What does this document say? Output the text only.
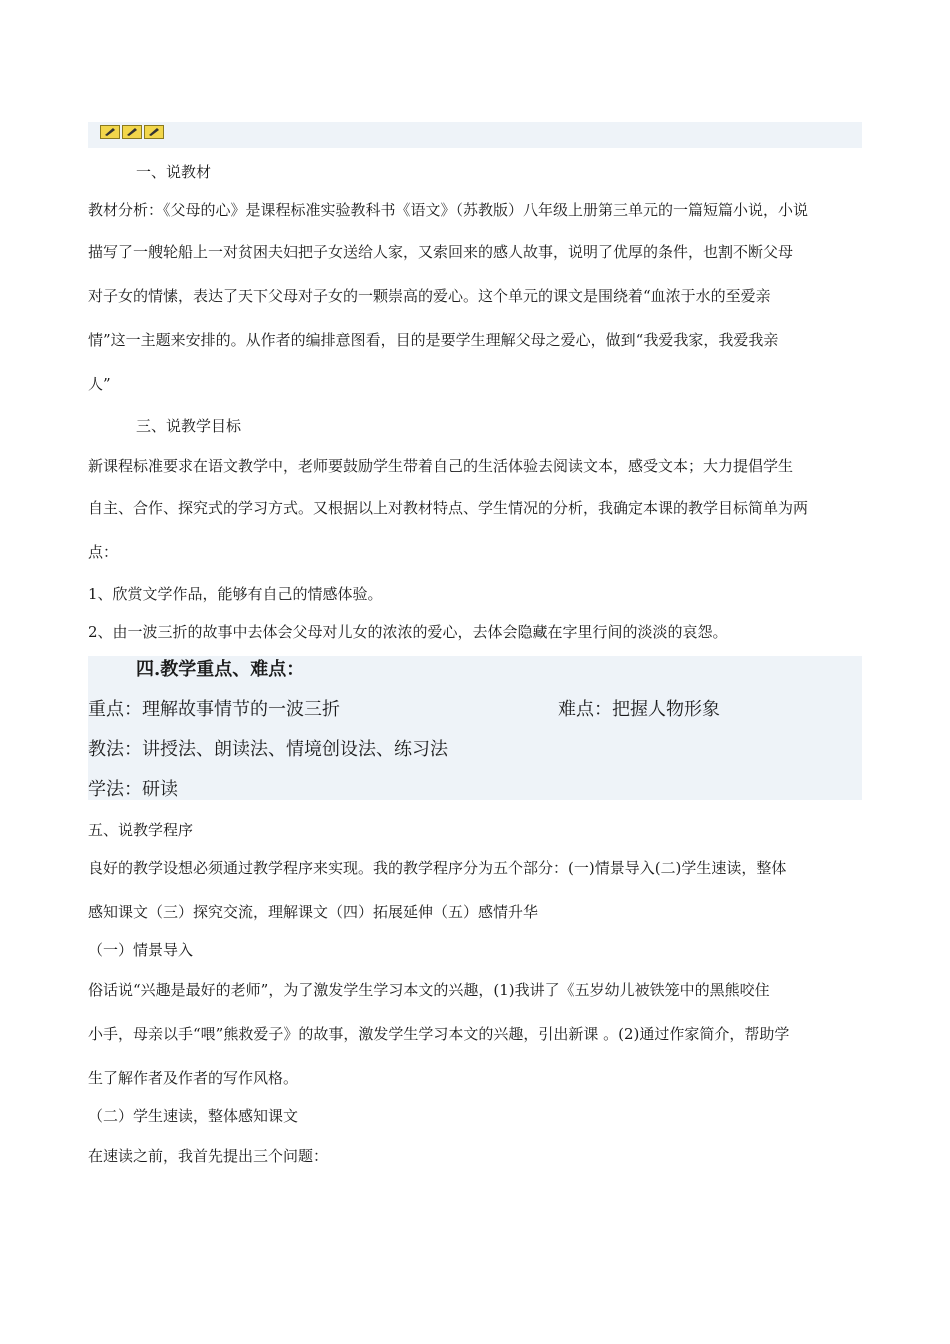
一、说教材
教材分析：《父母的心》是课程标准实验教科书《语文》（苏教版）八年级上册第三单元的一篇短篇小说，小说
描写了一艘轮船上一对贫困夫妇把子女送给人家，又索回来的感人故事，说明了优厚的条件，也割不断父母
对子女的情愫，表达了天下父母对子女的一颗崇高的爱心。这个单元的课文是围绕着“血浓于水的至爱亲
情”这一主题来安排的。从作者的编排意图看，目的是要学生理解父母之爱心，做到“我爱我家，我爱我亲
人”
三、说教学目标
新课程标准要求在语文教学中，老师要鼓励学生带着自己的生活体验去阅读文本，感受文本；大力提倡学生
自主、合作、探究式的学习方式。又根据以上对教材特点、学生情况的分析，我确定本课的教学目标简单为两
点：
1、欣赏文学作品，能够有自己的情感体验。
2、由一波三折的故事中去体会父母对儿女的浓浓的爱心，去体会隐藏在字里行间的淡淡的哀怨。
四.教学重点、难点：
重点：理解故事情节的一波三折	难点：把握人物形象
教法：讲授法、朗读法、情境创设法、练习法
学法：研读
五、说教学程序
良好的教学设想必须通过教学程序来实现。我的教学程序分为五个部分：(一)情景导入(二)学生速读，整体
感知课文（三）探究交流，理解课文（四）拓展延伸（五）感情升华
（一）情景导入
俗话说“兴趣是最好的老师”，为了激发学生学习本文的兴趣，(1)我讲了《五岁幼儿被铁笼中的黑熊咬住
小手，母亲以手“喂”熊救爱子》的故事，激发学生学习本文的兴趣，引出新课 。(2)通过作家简介，帮助学
生了解作者及作者的写作风格。
（二）学生速读，整体感知课文
在速读之前，我首先提出三个问题：
